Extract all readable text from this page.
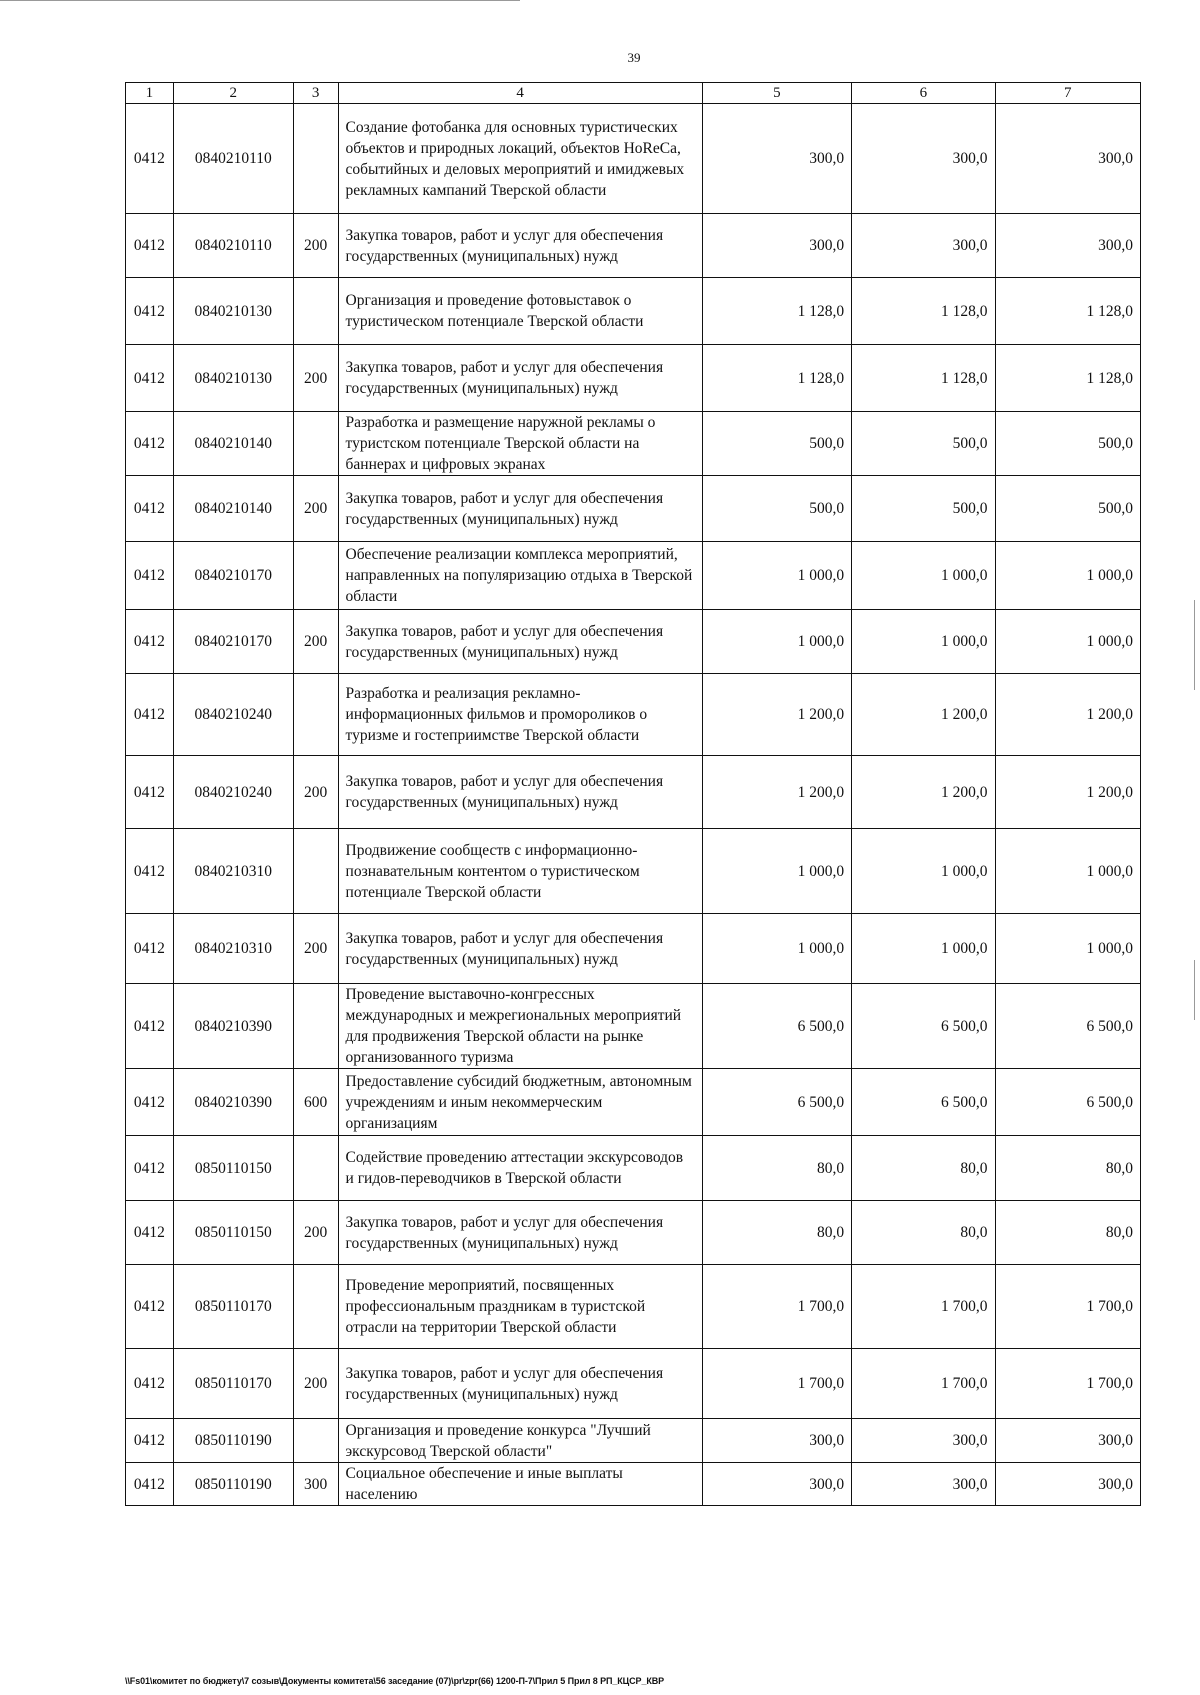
39
1	2	3	4	5	6	7
0412	0840210110		Создание фотобанка для основных туристических объектов и природных локаций, объектов HoReCa, событийных и деловых мероприятий и имиджевых рекламных кампаний Тверской области	300,0	300,0	300,0
0412	0840210110	200	Закупка товаров, работ и услуг для обеспечения государственных (муниципальных) нужд	300,0	300,0	300,0
0412	0840210130		Организация и проведение фотовыставок о туристическом потенциале Тверской области	1 128,0	1 128,0	1 128,0
0412	0840210130	200	Закупка товаров, работ и услуг для обеспечения государственных (муниципальных) нужд	1 128,0	1 128,0	1 128,0
0412	0840210140		Разработка и размещение наружной рекламы о туристском потенциале Тверской области на баннерах и цифровых экранах	500,0	500,0	500,0
0412	0840210140	200	Закупка товаров, работ и услуг для обеспечения государственных (муниципальных) нужд	500,0	500,0	500,0
0412	0840210170		Обеспечение реализации комплекса мероприятий, направленных на популяризацию отдыха в Тверской области	1 000,0	1 000,0	1 000,0
0412	0840210170	200	Закупка товаров, работ и услуг для обеспечения государственных (муниципальных) нужд	1 000,0	1 000,0	1 000,0
0412	0840210240		Разработка и реализация рекламно-информационных фильмов и проморoликов о туризме и гостеприимстве Тверской области	1 200,0	1 200,0	1 200,0
0412	0840210240	200	Закупка товаров, работ и услуг для обеспечения государственных (муниципальных) нужд	1 200,0	1 200,0	1 200,0
0412	0840210310		Продвижение сообществ с информационно-познавательным контентом о туристическом потенциале Тверской области	1 000,0	1 000,0	1 000,0
0412	0840210310	200	Закупка товаров, работ и услуг для обеспечения государственных (муниципальных) нужд	1 000,0	1 000,0	1 000,0
0412	0840210390		Проведение выставочно-конгрессных международных и межрегиональных мероприятий для продвижения Тверской области на рынке организованного туризма	6 500,0	6 500,0	6 500,0
0412	0840210390	600	Предоставление субсидий бюджетным, автономным учреждениям и иным некоммерческим организациям	6 500,0	6 500,0	6 500,0
0412	0850110150		Содействие проведению аттестации экскурсоводов и гидов-переводчиков в Тверской области	80,0	80,0	80,0
0412	0850110150	200	Закупка товаров, работ и услуг для обеспечения государственных (муниципальных) нужд	80,0	80,0	80,0
0412	0850110170		Проведение мероприятий, посвященных профессиональным праздникам в туристской отрасли на территории Тверской области	1 700,0	1 700,0	1 700,0
0412	0850110170	200	Закупка товаров, работ и услуг для обеспечения государственных (муниципальных) нужд	1 700,0	1 700,0	1 700,0
0412	0850110190		Организация и проведение конкурса "Лучший экскурсовод Тверской области"	300,0	300,0	300,0
0412	0850110190	300	Социальное обеспечение и иные выплаты населению	300,0	300,0	300,0
\\Fs01\комитет по бюджету\7 созыв\Документы комитета\56 заседание (07)\pr\zpr(66) 1200-П-7\Прил 5 Прил 8 РП_КЦСР_КВР
